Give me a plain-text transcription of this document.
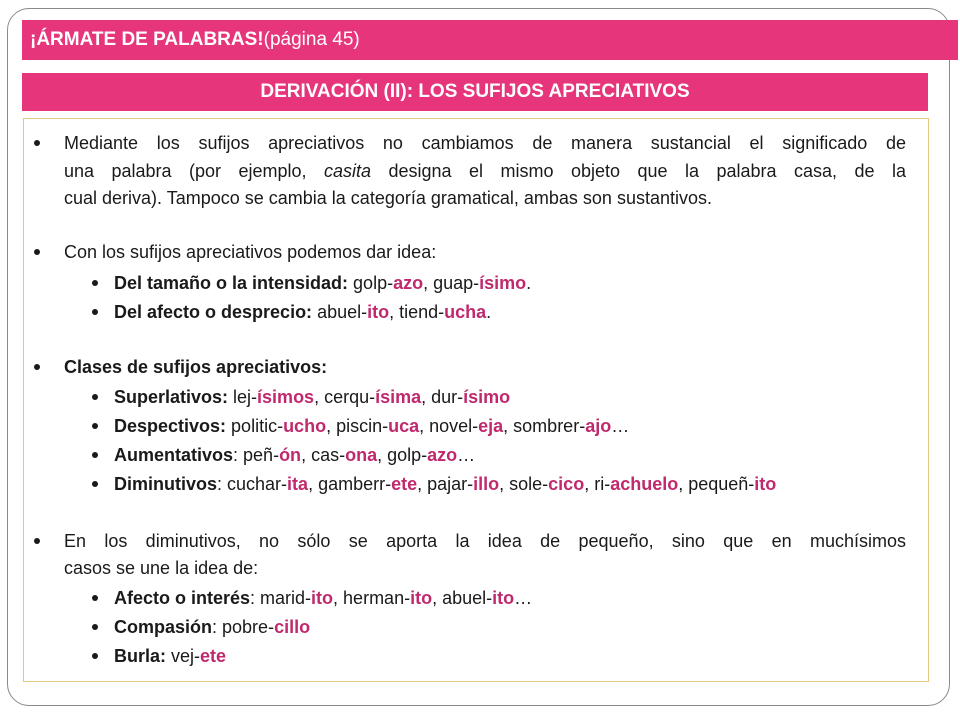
¡ÁRMATE DE PALABRAS! (página 45)
DERIVACIÓN (II): LOS SUFIJOS APRECIATIVOS
Mediante los sufijos apreciativos no cambiamos de manera sustancial el significado de
una palabra (por ejemplo, casita designa el mismo objeto que la palabra casa, de la
cual deriva). Tampoco se cambia la categoría gramatical, ambas son sustantivos.
Con los sufijos apreciativos podemos dar idea:
Del tamaño o la intensidad: golp-azo, guap-ísimo.
Del afecto o desprecio: abuel-ito, tiend-ucha.
Clases de sufijos apreciativos:
Superlativos: lej-ísimos, cerqu-ísima, dur-ísimo
Despectivos: politic-ucho, piscin-uca, novel-eja, sombrer-ajo…
Aumentativos: peñ-ón, cas-ona, golp-azo…
Diminutivos: cuchar-ita, gamberr-ete, pajar-illo, sole-cico, ri-achuelo, pequeñ-ito
En los diminutivos, no sólo se aporta la idea de pequeño, sino que en muchísimos
casos se une la idea de:
Afecto o interés: marid-ito, herman-ito, abuel-ito…
Compasión: pobre-cillo
Burla: vej-ete
